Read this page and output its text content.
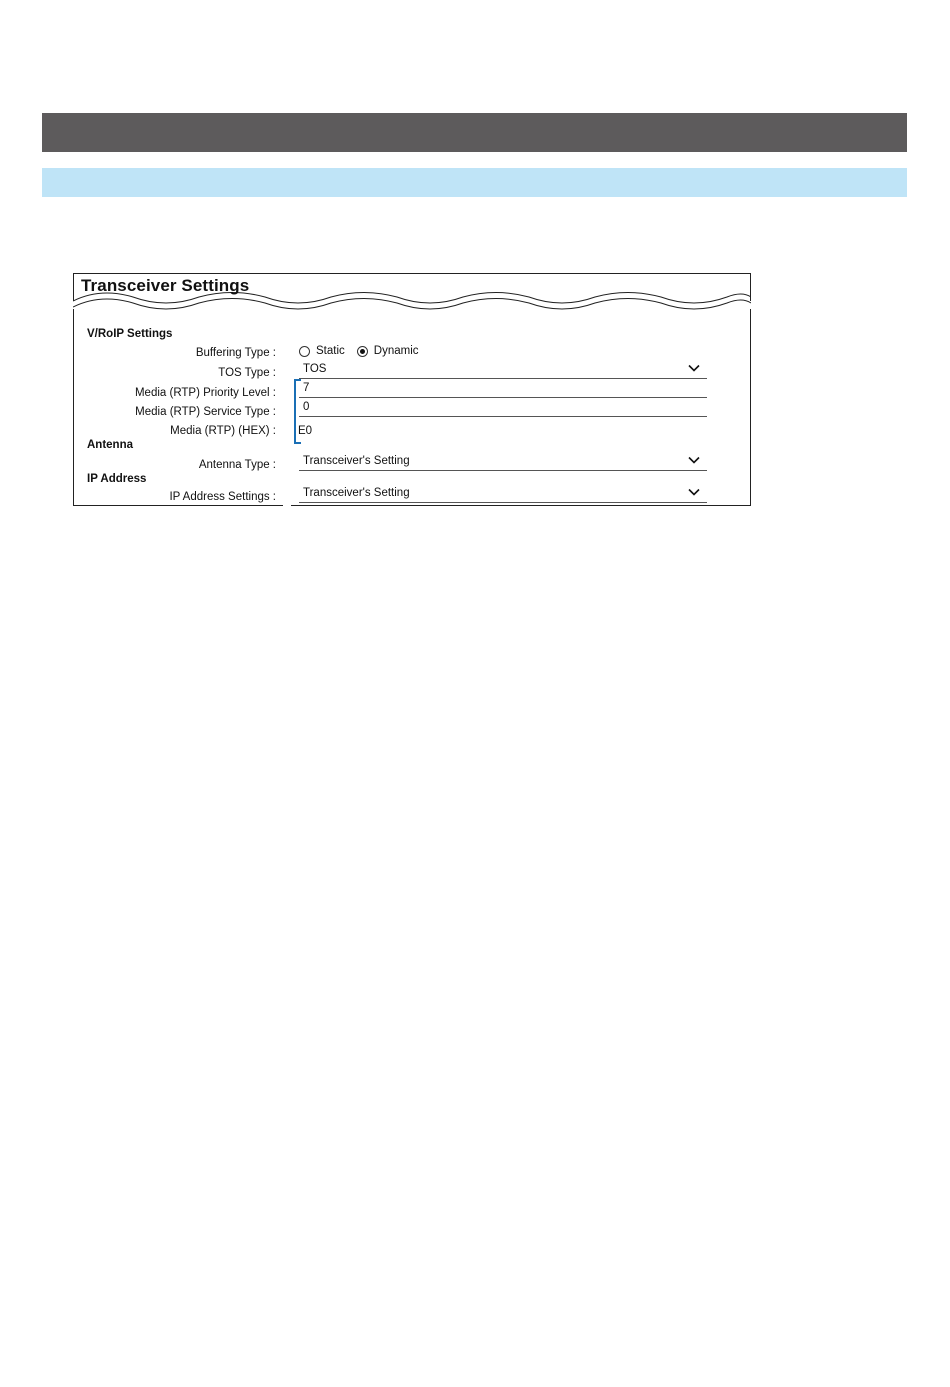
Transceiver Settings
V/RoIP Settings
Buffering Type :	Static	Dynamic
TOS Type : TOS
Media (RTP) Priority Level : 7
Media (RTP) Service Type : 0
Media (RTP) (HEX) : E0
Antenna
Antenna Type : Transceiver's Setting
IP Address
IP Address Settings : Transceiver's Setting
